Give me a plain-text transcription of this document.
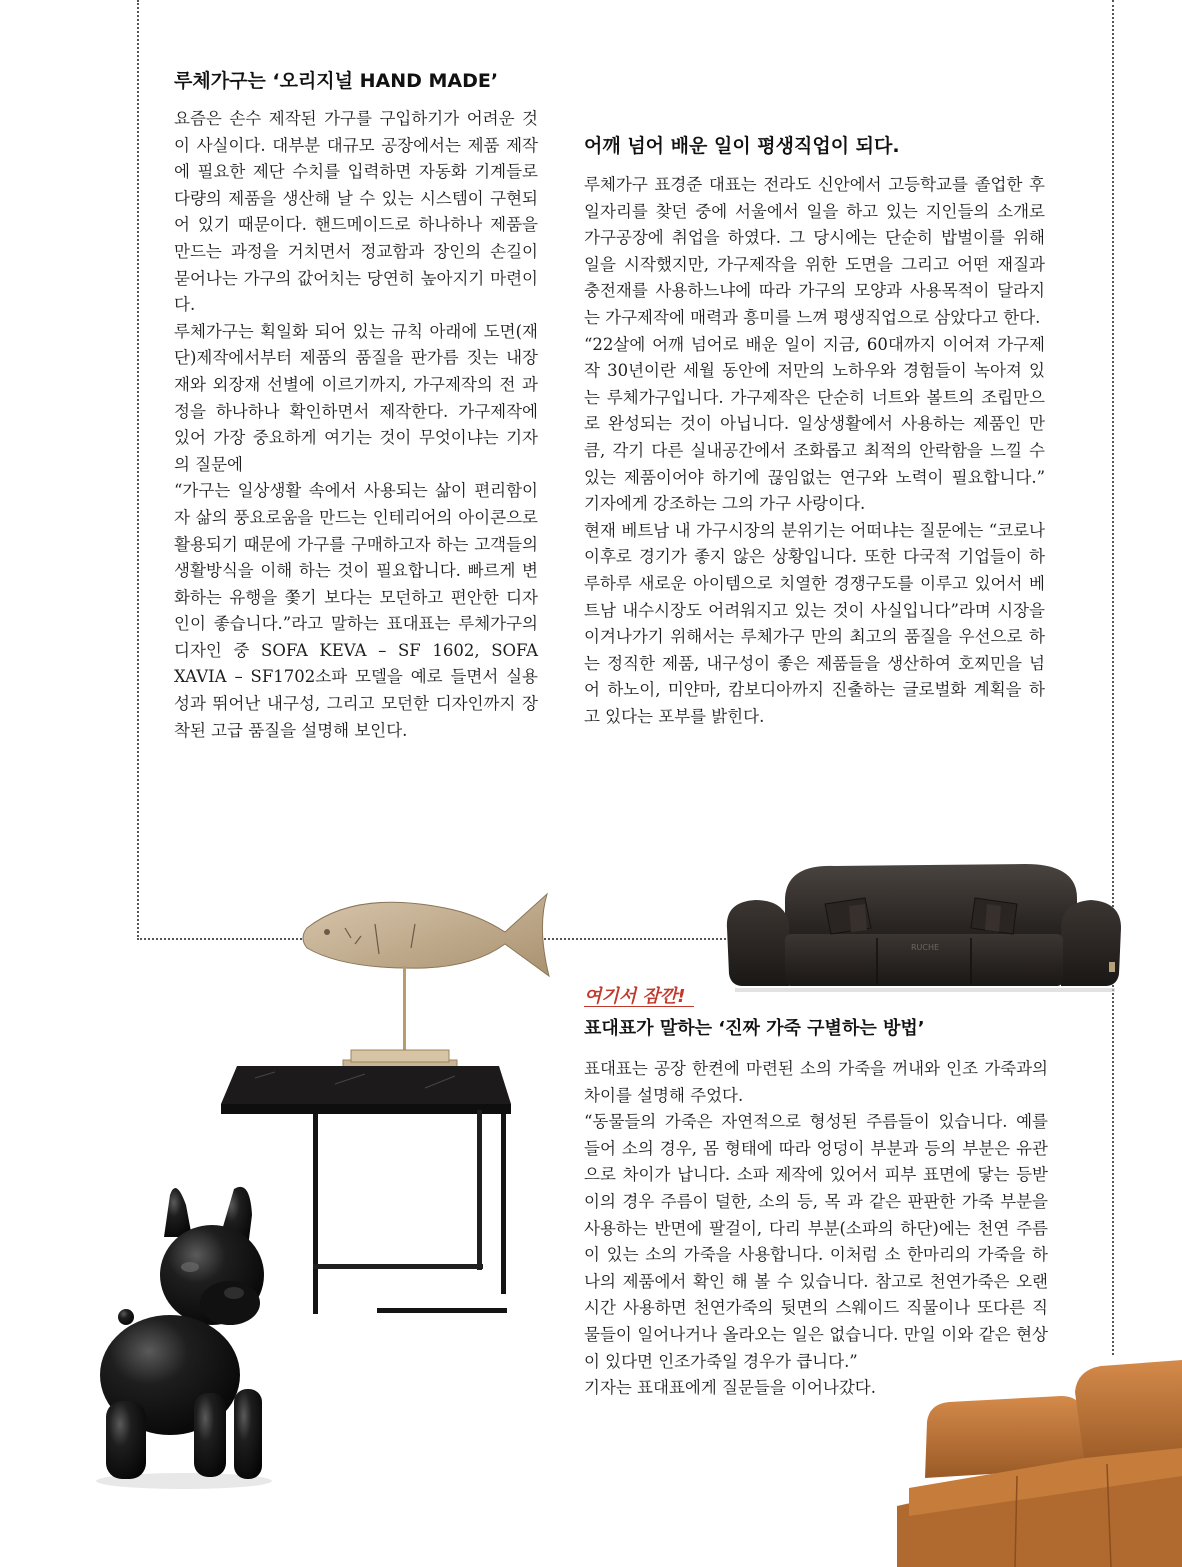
루체가구는 ‘오리지널 HAND MADE’

요즘은 손수 제작된 가구를 구입하기가 어려운 것이 사실이다. 대부분 대규모 공장에서는 제품 제작에 필요한 제단 수치를 입력하면 자동화 기계들로 다량의 제품을 생산해 날 수 있는 시스템이 구현되어 있기 때문이다. 핸드메이드로 하나하나 제품을 만드는 과정을 거치면서 정교함과 장인의 손길이 묻어나는 가구의 값어치는 당연히 높아지기 마련이다.

루체가구는 획일화 되어 있는 규칙 아래에 도면(재단)제작에서부터 제품의 품질을 판가름 짓는 내장재와 외장재 선별에 이르기까지, 가구제작의 전 과정을 하나하나 확인하면서 제작한다. 가구제작에 있어 가장 중요하게 여기는 것이 무엇이냐는 기자의 질문에

“가구는 일상생활 속에서 사용되는 삶이 편리함이자 삶의 풍요로움을 만드는 인테리어의 아이콘으로 활용되기 때문에 가구를 구매하고자 하는 고객들의 생활방식을 이해 하는 것이 필요합니다. 빠르게 변화하는 유행을 쫓기 보다는 모던하고 편안한 디자인이 좋습니다.”라고 말하는 표대표는 루체가구의 디자인 중 SOFA KEVA – SF 1602, SOFA XAVIA – SF1702소파 모델을 예로 들면서 실용성과 뛰어난 내구성, 그리고 모던한 디자인까지 장착된 고급 품질을 설명해 보인다.

어깨 넘어 배운 일이 평생직업이 되다.

루체가구 표경준 대표는 전라도 신안에서 고등학교를 졸업한 후 일자리를 찾던 중에 서울에서 일을 하고 있는 지인들의 소개로 가구공장에 취업을 하였다. 그 당시에는 단순히 밥벌이를 위해 일을 시작했지만, 가구제작을 위한 도면을 그리고 어떤 재질과 충전재를 사용하느냐에 따라 가구의 모양과 사용목적이 달라지는 가구제작에 매력과 흥미를 느껴 평생직업으로 삼았다고 한다.

“22살에 어깨 넘어로 배운 일이 지금, 60대까지 이어져 가구제작 30년이란 세월 동안에 저만의 노하우와 경험들이 녹아져 있는 루체가구입니다. 가구제작은 단순히 너트와 볼트의 조립만으로 완성되는 것이 아닙니다. 일상생활에서 사용하는 제품인 만큼, 각기 다른 실내공간에서 조화롭고 최적의 안락함을 느낄 수 있는 제품이어야 하기에 끊임없는 연구와 노력이 필요합니다.” 기자에게 강조하는 그의 가구 사랑이다.

현재 베트남 내 가구시장의 분위기는 어떠냐는 질문에는 “코로나 이후로 경기가 좋지 않은 상황입니다. 또한 다국적 기업들이 하루하루 새로운 아이템으로 치열한 경쟁구도를 이루고 있어서 베트남 내수시장도 어려워지고 있는 것이 사실입니다”라며 시장을 이겨나가기 위해서는 루체가구 만의 최고의 품질을 우선으로 하는 정직한 제품, 내구성이 좋은 제품들을 생산하여 호찌민을 넘어 하노이, 미얀마, 캄보디아까지 진출하는 글로벌화 계획을 하고 있다는 포부를 밝힌다.

여기서 잠깐!
표대표가 말하는 ‘진짜 가죽 구별하는 방법’

표대표는 공장 한켠에 마련된 소의 가죽을 꺼내와 인조 가죽과의 차이를 설명해 주었다.

“동물들의 가죽은 자연적으로 형성된 주름들이 있습니다. 예를 들어 소의 경우, 몸 형태에 따라 엉덩이 부분과 등의 부분은 유관으로 차이가 납니다. 소파 제작에 있어서 피부 표면에 닿는 등받이의 경우 주름이 덜한, 소의 등, 목 과 같은 판판한 가죽 부분을 사용하는 반면에 팔걸이, 다리 부분(소파의 하단)에는 천연 주름이 있는 소의 가죽을 사용합니다. 이처럼 소 한마리의 가죽을 하나의 제품에서 확인 해 볼 수 있습니다. 참고로 천연가죽은 오랜시간 사용하면 천연가죽의 뒷면의 스웨이드 직물이나 또다른 직물들이 일어나거나 올라오는 일은 없습니다. 만일 이와 같은 현상이 있다면 인조가죽일 경우가 큽니다.”

기자는 표대표에게 질문들을 이어나갔다.

RUCHE
